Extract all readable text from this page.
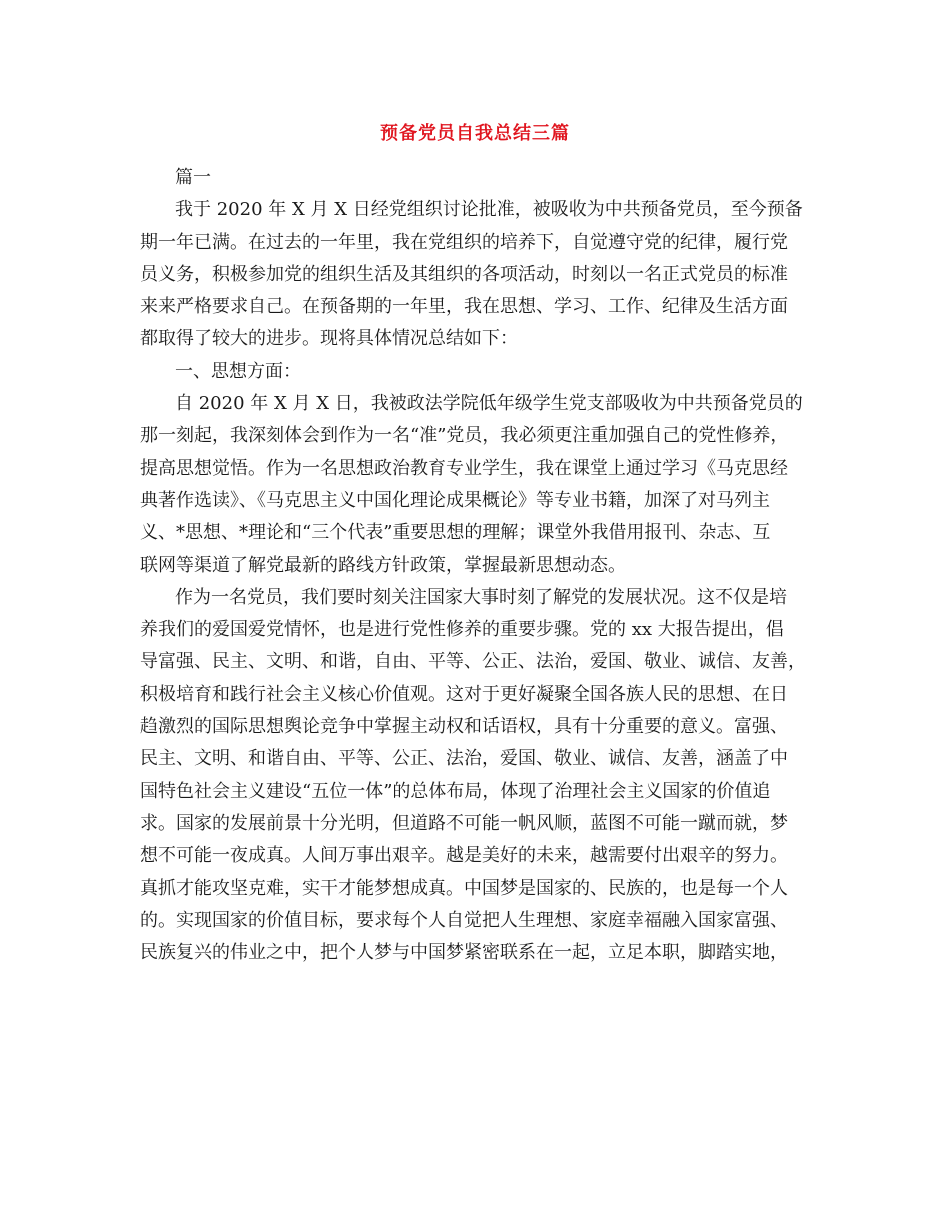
预备党员自我总结三篇
篇一
我于 2020 年 X 月 X 日经党组织讨论批准，被吸收为中共预备党员，至今预备
期一年已满。在过去的一年里，我在党组织的培养下，自觉遵守党的纪律，履行党
员义务，积极参加党的组织生活及其组织的各项活动，时刻以一名正式党员的标准
来来严格要求自己。在预备期的一年里，我在思想、学习、工作、纪律及生活方面
都取得了较大的进步。现将具体情况总结如下：
一、思想方面：
自 2020 年 X 月 X 日，我被政法学院低年级学生党支部吸收为中共预备党员的
那一刻起，我深刻体会到作为一名“准”党员，我必须更注重加强自己的党性修养，
提高思想觉悟。作为一名思想政治教育专业学生，我在课堂上通过学习《马克思经
典著作选读》、《马克思主义中国化理论成果概论》等专业书籍，加深了对马列主
义、*思想、*理论和“三个代表”重要思想的理解；课堂外我借用报刊、杂志、互
联网等渠道了解党最新的路线方针政策，掌握最新思想动态。
作为一名党员，我们要时刻关注国家大事时刻了解党的发展状况。这不仅是培
养我们的爱国爱党情怀，也是进行党性修养的重要步骤。党的 xx 大报告提出，倡
导富强、民主、文明、和谐，自由、平等、公正、法治，爱国、敬业、诚信、友善，
积极培育和践行社会主义核心价值观。这对于更好凝聚全国各族人民的思想、在日
趋激烈的国际思想舆论竞争中掌握主动权和话语权，具有十分重要的意义。富强、
民主、文明、和谐自由、平等、公正、法治，爱国、敬业、诚信、友善，涵盖了中
国特色社会主义建设“五位一体”的总体布局，体现了治理社会主义国家的价值追
求。国家的发展前景十分光明，但道路不可能一帆风顺，蓝图不可能一蹴而就，梦
想不可能一夜成真。人间万事出艰辛。越是美好的未来，越需要付出艰辛的努力。
真抓才能攻坚克难，实干才能梦想成真。中国梦是国家的、民族的，也是每一个人
的。实现国家的价值目标，要求每个人自觉把人生理想、家庭幸福融入国家富强、
民族复兴的伟业之中，把个人梦与中国梦紧密联系在一起，立足本职，脚踏实地，
